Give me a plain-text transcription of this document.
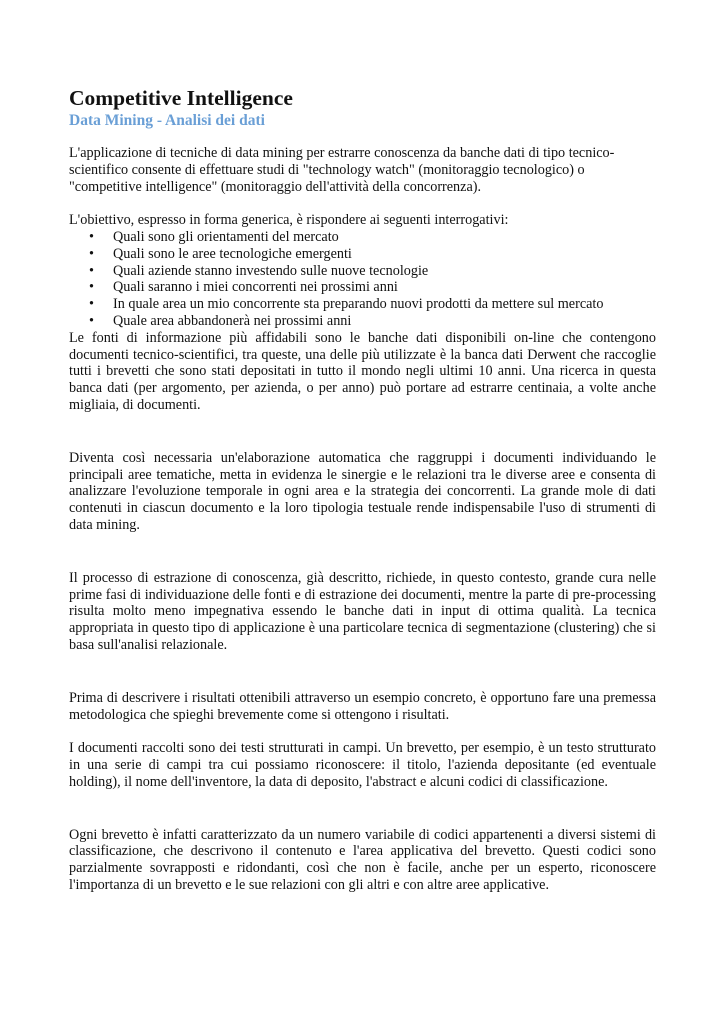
Competitive Intelligence
Data Mining - Analisi dei dati

L'applicazione di tecniche di data mining per estrarre conoscenza da banche dati di tipo tecnico-scientifico consente di effettuare studi di "technology watch" (monitoraggio tecnologico) o "competitive intelligence" (monitoraggio dell'attività della concorrenza).

L'obiettivo, espresso in forma generica, è rispondere ai seguenti interrogativi:

• Quali sono gli orientamenti del mercato
• Quali sono le aree tecnologiche emergenti
• Quali aziende stanno investendo sulle nuove tecnologie
• Quali saranno i miei concorrenti nei prossimi anni
• In quale area un mio concorrente sta preparando nuovi prodotti da mettere sul mercato
• Quale area abbandonerà nei prossimi anni

Le fonti di informazione più affidabili sono le banche dati disponibili on-line che contengono documenti tecnico-scientifici, tra queste, una delle più utilizzate è la banca dati Derwent che raccoglie tutti i brevetti che sono stati depositati in tutto il mondo negli ultimi 10 anni. Una ricerca in questa banca dati (per argomento, per azienda, o per anno) può portare ad estrarre centinaia, a volte anche migliaia, di documenti.

Diventa così necessaria un'elaborazione automatica che raggruppi i documenti individuando le principali aree tematiche, metta in evidenza le sinergie e le relazioni tra le diverse aree e consenta di analizzare l'evoluzione temporale in ogni area e la strategia dei concorrenti. La grande mole di dati contenuti in ciascun documento e la loro tipologia testuale rende indispensabile l'uso di strumenti di data mining.

Il processo di estrazione di conoscenza, già descritto, richiede, in questo contesto, grande cura nelle prime fasi di individuazione delle fonti e di estrazione dei documenti, mentre la parte di pre-processing risulta molto meno impegnativa essendo le banche dati in input di ottima qualità. La tecnica appropriata in questo tipo di applicazione è una particolare tecnica di segmentazione (clustering) che si basa sull'analisi relazionale.

Prima di descrivere i risultati ottenibili attraverso un esempio concreto, è opportuno fare una premessa metodologica che spieghi brevemente come si ottengono i risultati.

I documenti raccolti sono dei testi strutturati in campi. Un brevetto, per esempio, è un testo strutturato in una serie di campi tra cui possiamo riconoscere: il titolo, l'azienda depositante (ed eventuale holding), il nome dell'inventore, la data di deposito, l'abstract e alcuni codici di classificazione.

Ogni brevetto è infatti caratterizzato da un numero variabile di codici appartenenti a diversi sistemi di classificazione, che descrivono il contenuto e l'area applicativa del brevetto. Questi codici sono parzialmente sovrapposti e ridondanti, così che non è facile, anche per un esperto, riconoscere l'importanza di un brevetto e le sue relazioni con gli altri e con altre aree applicative.
